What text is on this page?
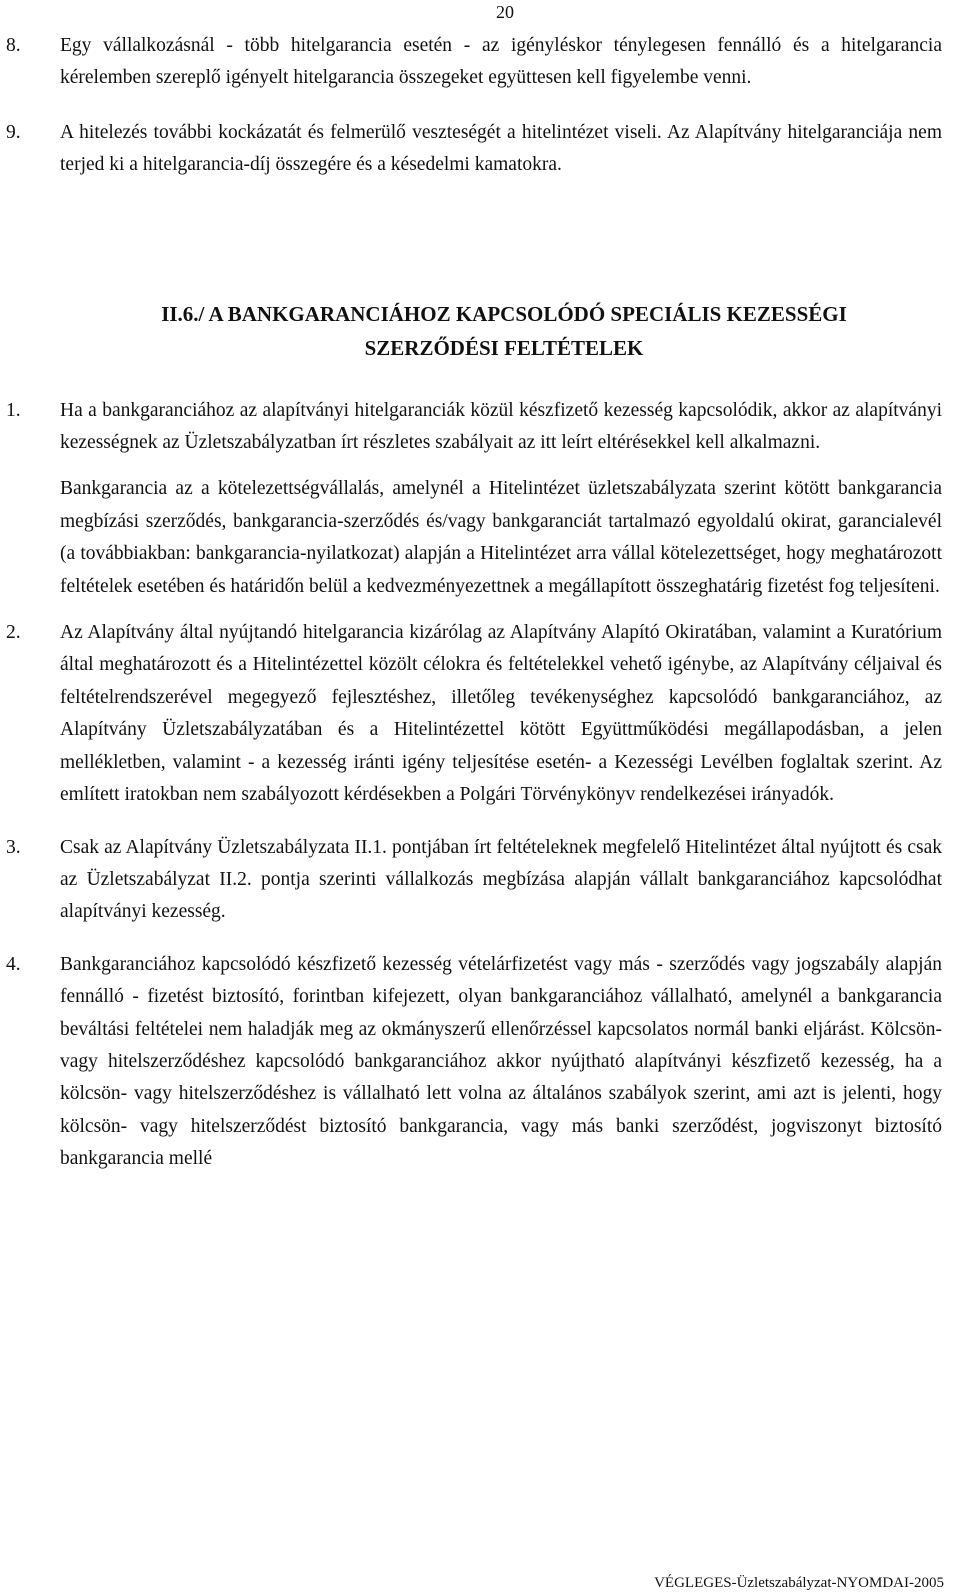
20
8. Egy vállalkozásnál - több hitelgarancia esetén - az igényléskor ténylegesen fennálló és a hitelgarancia kérelemben szereplő igényelt hitelgarancia összegeket együttesen kell figyelembe venni.
9. A hitelezés további kockázatát és felmerülő veszteségét a hitelintézet viseli. Az Alapítvány hitelgaranciája nem terjed ki a hitelgarancia-díj összegére és a késedelmi kamatokra.
II.6./ A BANKGARANCIÁHOZ KAPCSOLÓDÓ SPECIÁLIS KEZESSÉGI
SZERZŐDÉSI FELTÉTELEK
1. Ha a bankgaranciához az alapítványi hitelgaranciák közül készfizető kezesség kapcsolódik, akkor az alapítványi kezességnek az Üzletszabályzatban írt részletes szabályait az itt leírt eltérésekkel kell alkalmazni.
Bankgarancia az a kötelezettségvállalás, amelynél a Hitelintézet üzletszabályzata szerint kötött bankgarancia megbízási szerződés, bankgarancia-szerződés és/vagy bankgaranciát tartalmazó egyoldalú okirat, garancialevél (a továbbiakban: bankgarancia-nyilatkozat) alapján a Hitelintézet arra vállal kötelezettséget, hogy meghatározott feltételek esetében és határidőn belül a kedvezményezettnek a megállapított összeghatárig fizetést fog teljesíteni.
2. Az Alapítvány által nyújtandó hitelgarancia kizárólag az Alapítvány Alapító Okiratában, valamint a Kuratórium által meghatározott és a Hitelintézettel közölt célokra és feltételekkel vehető igénybe, az Alapítvány céljaival és feltételrendszerével megegyező fejlesztéshez, illetőleg tevékenységhez kapcsolódó bankgaranciához, az Alapítvány Üzletszabályzatában és a Hitelintézettel kötött Együttműködési megállapodásban, a jelen mellékletben, valamint - a kezesség iránti igény teljesítése esetén- a Kezességi Levélben foglaltak szerint. Az említett iratokban nem szabályozott kérdésekben a Polgári Törvénykönyv rendelkezései irányadók.
3. Csak az Alapítvány Üzletszabályzata II.1. pontjában írt feltételeknek megfelelő Hitelintézet által nyújtott és csak az Üzletszabályzat II.2. pontja szerinti vállalkozás megbízása alapján vállalt bankgaranciához kapcsolódhat alapítványi kezesség.
4. Bankgaranciához kapcsolódó készfizető kezesség vételárfizetést vagy más - szerződés vagy jogszabály alapján fennálló - fizetést biztosító, forintban kifejezett, olyan bankgaranciához vállalható, amelynél a bankgarancia beváltási feltételei nem haladják meg az okmányszerű ellenőrzéssel kapcsolatos normál banki eljárást. Kölcsön- vagy hitelszerződéshez kapcsolódó bankgaranciához akkor nyújtható alapítványi készfizető kezesség, ha a kölcsön- vagy hitelszerződéshez is vállalható lett volna az általános szabályok szerint, ami azt is jelenti, hogy kölcsön- vagy hitelszerződést biztosító bankgarancia, vagy más banki szerződést, jogviszonyt biztosító bankgarancia mellé
VÉGLEGES-Üzletszabályzat-NYOMDAI-2005
